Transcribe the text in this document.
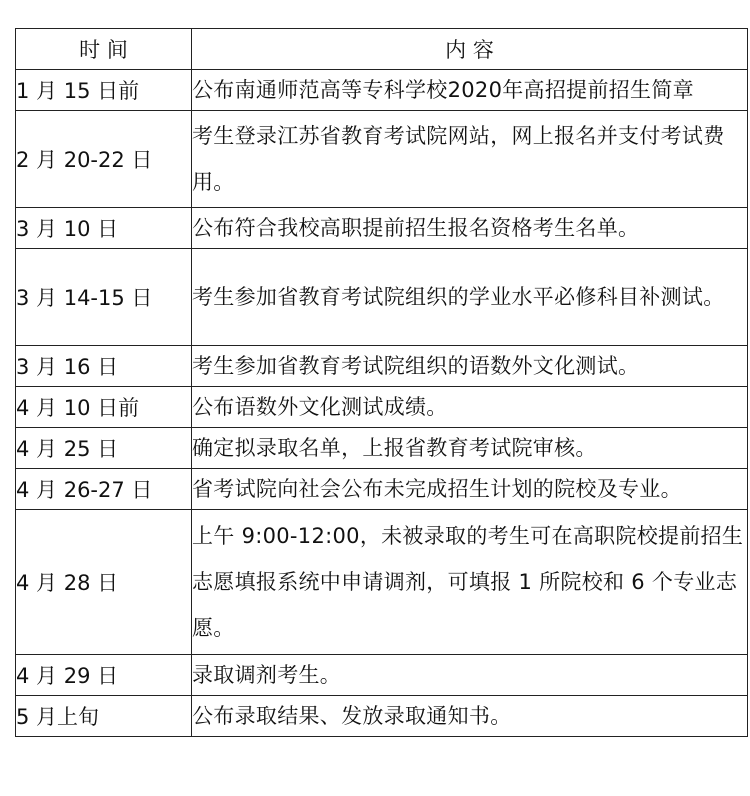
时 间	内 容
1 月 15 日前	公布南通师范高等专科学校2020年高招提前招生简章
2 月 20-22 日	考生登录江苏省教育考试院网站，网上报名并支付考试费用。
3 月 10 日	公布符合我校高职提前招生报名资格考生名单。
3 月 14-15 日	考生参加省教育考试院组织的学业水平必修科目补测试。
3 月 16 日	考生参加省教育考试院组织的语数外文化测试。
4 月 10 日前	公布语数外文化测试成绩。
4 月 25 日	确定拟录取名单，上报省教育考试院审核。
4 月 26-27 日	省考试院向社会公布未完成招生计划的院校及专业。
4 月 28 日	上午 9:00-12:00，未被录取的考生可在高职院校提前招生志愿填报系统中申请调剂，可填报 1 所院校和 6 个专业志愿。
4 月 29 日	录取调剂考生。
5 月上旬	公布录取结果、发放录取通知书。
